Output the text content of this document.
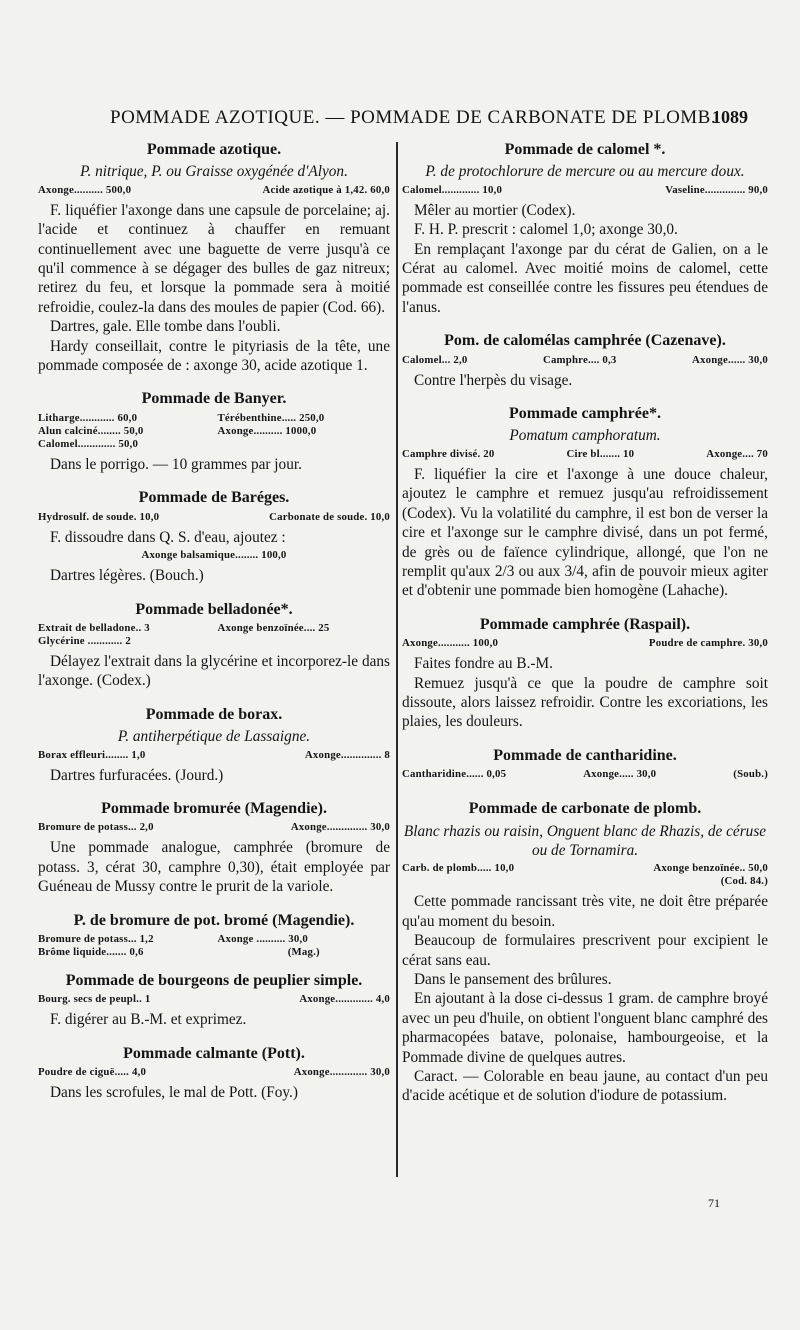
POMMADE AZOTIQUE. — POMMADE DE CARBONATE DE PLOMB.
1089
Pommade azotique.
P. nitrique, P. ou Graisse oxygénée d'Alyon.
Axonge.......... 500,0	Acide azotique à 1,42. 60,0

F. liquéfier l'axonge dans une capsule de porcelaine; aj. l'acide et continuez à chauffer en remuant continuellement avec une baguette de verre jusqu'à ce qu'il commence à se dégager des bulles de gaz nitreux; retirez du feu, et lorsque la pommade sera à moitié refroidie, coulez-la dans des moules de papier (Cod. 66).

Dartres, gale. Elle tombe dans l'oubli.

Hardy conseillait, contre le pityriasis de la tête, une pommade composée de : axonge 30, acide azotique 1.

Pommade de Banyer.
Litharge............ 60,0	Térébenthine..... 250,0
Alun calciné........ 50,0	Axonge.......... 1000,0
Calomel............. 50,0

Dans le porrigo. — 10 grammes par jour.

Pommade de Baréges.
Hydrosulf. de soude. 10,0	Carbonate de soude. 10,0

F. dissoudre dans Q. S. d'eau, ajoutez :

Axonge balsamique........ 100,0

Dartres légères. (Bouch.)

Pommade belladonée*.
Extrait de belladone.. 3	Axonge benzoïnée.... 25
Glycérine ............ 2

Délayez l'extrait dans la glycérine et incorporez-le dans l'axonge. (Codex.)

Pommade de borax.
P. antiherpétique de Lassaigne.
Borax effleuri........ 1,0	Axonge.............. 8

Dartres furfuracées. (Jourd.)

Pommade bromurée (Magendie).
Bromure de potass... 2,0	Axonge.............. 30,0

Une pommade analogue, camphrée (bromure de potass. 3, cérat 30, camphre 0,30), était employée par Guéneau de Mussy contre le prurit de la variole.

P. de bromure de pot. bromé (Magendie).
Bromure de potass... 1,2	Axonge .......... 30,0
Brôme liquide....... 0,6	(Mag.)
Pommade de bourgeons de peuplier simple.
Bourg. secs de peupl.. 1	Axonge............. 4,0

F. digérer au B.-M. et exprimez.

Pommade calmante (Pott).
Poudre de ciguë..... 4,0	Axonge............. 30,0

Dans les scrofules, le mal de Pott. (Foy.)

Pommade de calomel *.
P. de protochlorure de mercure ou au mercure doux.
Calomel............. 10,0	Vaseline.............. 90,0

Mêler au mortier (Codex).

F. H. P. prescrit : calomel 1,0; axonge 30,0.

En remplaçant l'axonge par du cérat de Galien, on a le Cérat au calomel. Avec moitié moins de calomel, cette pommade est conseillée contre les fissures peu étendues de l'anus.

Pom. de calomélas camphrée (Cazenave).
Calomel... 2,0	Camphre.... 0,3	Axonge...... 30,0

Contre l'herpès du visage.

Pommade camphrée*.
Pomatum camphoratum.
Camphre divisé. 20	Cire bl....... 10	Axonge.... 70

F. liquéfier la cire et l'axonge à une douce chaleur, ajoutez le camphre et remuez jusqu'au refroidissement (Codex). Vu la volatilité du camphre, il est bon de verser la cire et l'axonge sur le camphre divisé, dans un pot fermé, de grès ou de faïence cylindrique, allongé, que l'on ne remplit qu'aux 2/3 ou aux 3/4, afin de pouvoir mieux agiter et d'obtenir une pommade bien homogène (Lahache).

Pommade camphrée (Raspail).
Axonge........... 100,0	Poudre de camphre. 30,0

Faites fondre au B.-M.

Remuez jusqu'à ce que la poudre de camphre soit dissoute, alors laissez refroidir. Contre les excoriations, les plaies, les douleurs.

Pommade de cantharidine.
Cantharidine...... 0,05	Axonge..... 30,0	(Soub.)
Pommade de carbonate de plomb.
Blanc rhazis ou raisin, Onguent blanc de Rhazis, de céruse ou de Tornamira.
Carb. de plomb..... 10,0	Axonge benzoïnée.. 50,0
(Cod. 84.)

Cette pommade rancissant très vite, ne doit être préparée qu'au moment du besoin.

Beaucoup de formulaires prescrivent pour excipient le cérat sans eau.

Dans le pansement des brûlures.

En ajoutant à la dose ci-dessus 1 gram. de camphre broyé avec un peu d'huile, on obtient l'onguent blanc camphré des pharmacopées batave, polonaise, hambourgeoise, et la Pommade divine de quelques autres.

Caract. — Colorable en beau jaune, au contact d'un peu d'acide acétique et de solution d'iodure de potassium.

71
